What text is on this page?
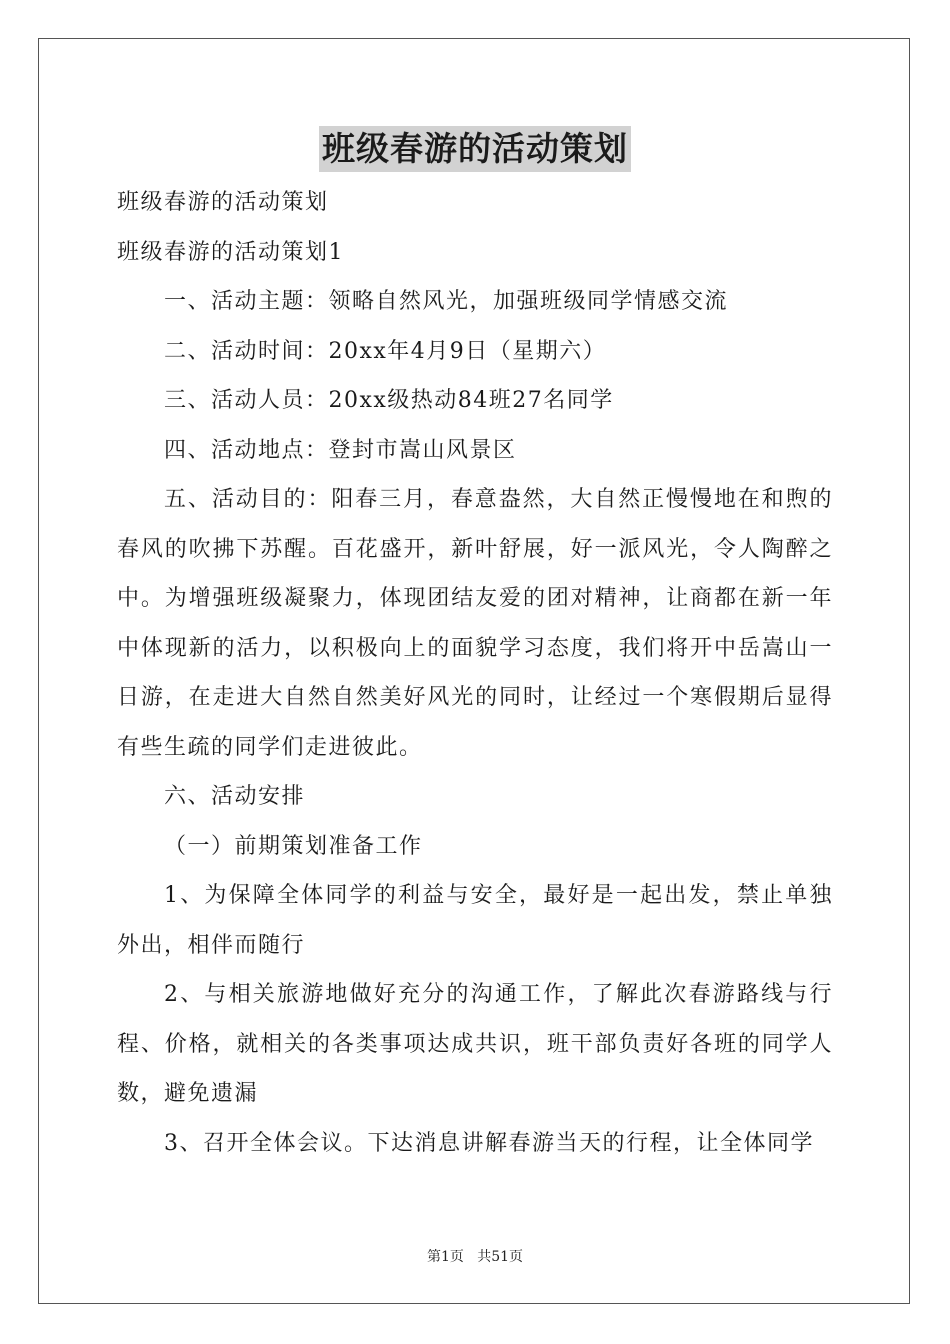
班级春游的活动策划

班级春游的活动策划

班级春游的活动策划1

一、活动主题：领略自然风光，加强班级同学情感交流

二、活动时间：20xx年4月9日（星期六）

三、活动人员：20xx级热动84班27名同学

四、活动地点：登封市嵩山风景区

五、活动目的：阳春三月，春意盎然，大自然正慢慢地在和煦的春风的吹拂下苏醒。百花盛开，新叶舒展，好一派风光，令人陶醉之中。为增强班级凝聚力，体现团结友爱的团对精神，让商都在新一年中体现新的活力，以积极向上的面貌学习态度，我们将开中岳嵩山一日游，在走进大自然自然美好风光的同时，让经过一个寒假期后显得有些生疏的同学们走进彼此。

六、活动安排

（一）前期策划准备工作

1、为保障全体同学的利益与安全，最好是一起出发，禁止单独外出，相伴而随行

2、与相关旅游地做好充分的沟通工作，了解此次春游路线与行程、价格，就相关的各类事项达成共识，班干部负责好各班的同学人数，避免遗漏

3、召开全体会议。下达消息讲解春游当天的行程，让全体同学

第1页   共51页
